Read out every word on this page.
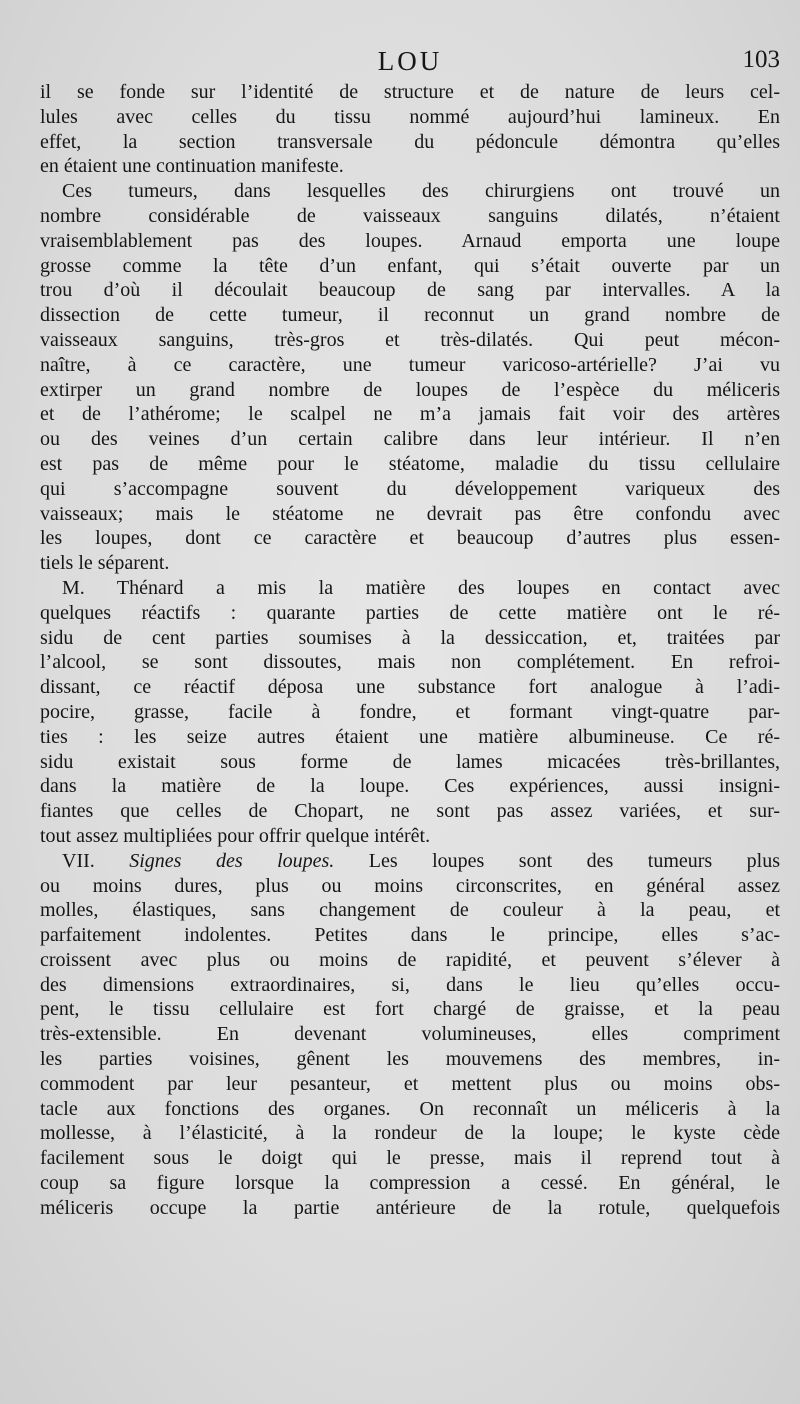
LOU	103
il se fonde sur l’identité de structure et de nature de leurs cel-
lules avec celles du tissu nommé aujourd’hui lamineux. En
effet, la section transversale du pédoncule démontra qu’elles
en étaient une continuation manifeste.
Ces tumeurs, dans lesquelles des chirurgiens ont trouvé un
nombre considérable de vaisseaux sanguins dilatés, n’étaient
vraisemblablement pas des loupes. Arnaud emporta une loupe
grosse comme la tête d’un enfant, qui s’était ouverte par un
trou d’où il découlait beaucoup de sang par intervalles. A la
dissection de cette tumeur, il reconnut un grand nombre de
vaisseaux sanguins, très-gros et très-dilatés. Qui peut mécon-
naître, à ce caractère, une tumeur varicoso-artérielle? J’ai vu
extirper un grand nombre de loupes de l’espèce du méliceris
et de l’athérome; le scalpel ne m’a jamais fait voir des artères
ou des veines d’un certain calibre dans leur intérieur. Il n’en
est pas de même pour le stéatome, maladie du tissu cellulaire
qui s’accompagne souvent du développement variqueux des
vaisseaux; mais le stéatome ne devrait pas être confondu avec
les loupes, dont ce caractère et beaucoup d’autres plus essen-
tiels le séparent.
M. Thénard a mis la matière des loupes en contact avec
quelques réactifs : quarante parties de cette matière ont le ré-
sidu de cent parties soumises à la dessiccation, et, traitées par
l’alcool, se sont dissoutes, mais non complétement. En refroi-
dissant, ce réactif déposa une substance fort analogue à l’adi-
pocire, grasse, facile à fondre, et formant vingt-quatre par-
ties : les seize autres étaient une matière albumineuse. Ce ré-
sidu existait sous forme de lames micacées très-brillantes,
dans la matière de la loupe. Ces expériences, aussi insigni-
fiantes que celles de Chopart, ne sont pas assez variées, et sur-
tout assez multipliées pour offrir quelque intérêt.
VII. Signes des loupes. Les loupes sont des tumeurs plus
ou moins dures, plus ou moins circonscrites, en général assez
molles, élastiques, sans changement de couleur à la peau, et
parfaitement indolentes. Petites dans le principe, elles s’ac-
croissent avec plus ou moins de rapidité, et peuvent s’élever à
des dimensions extraordinaires, si, dans le lieu qu’elles occu-
pent, le tissu cellulaire est fort chargé de graisse, et la peau
très-extensible. En devenant volumineuses, elles compriment
les parties voisines, gênent les mouvemens des membres, in-
commodent par leur pesanteur, et mettent plus ou moins obs-
tacle aux fonctions des organes. On reconnaît un méliceris à la
mollesse, à l’élasticité, à la rondeur de la loupe; le kyste cède
facilement sous le doigt qui le presse, mais il reprend tout à
coup sa figure lorsque la compression a cessé. En général, le
méliceris occupe la partie antérieure de la rotule, quelquefois
